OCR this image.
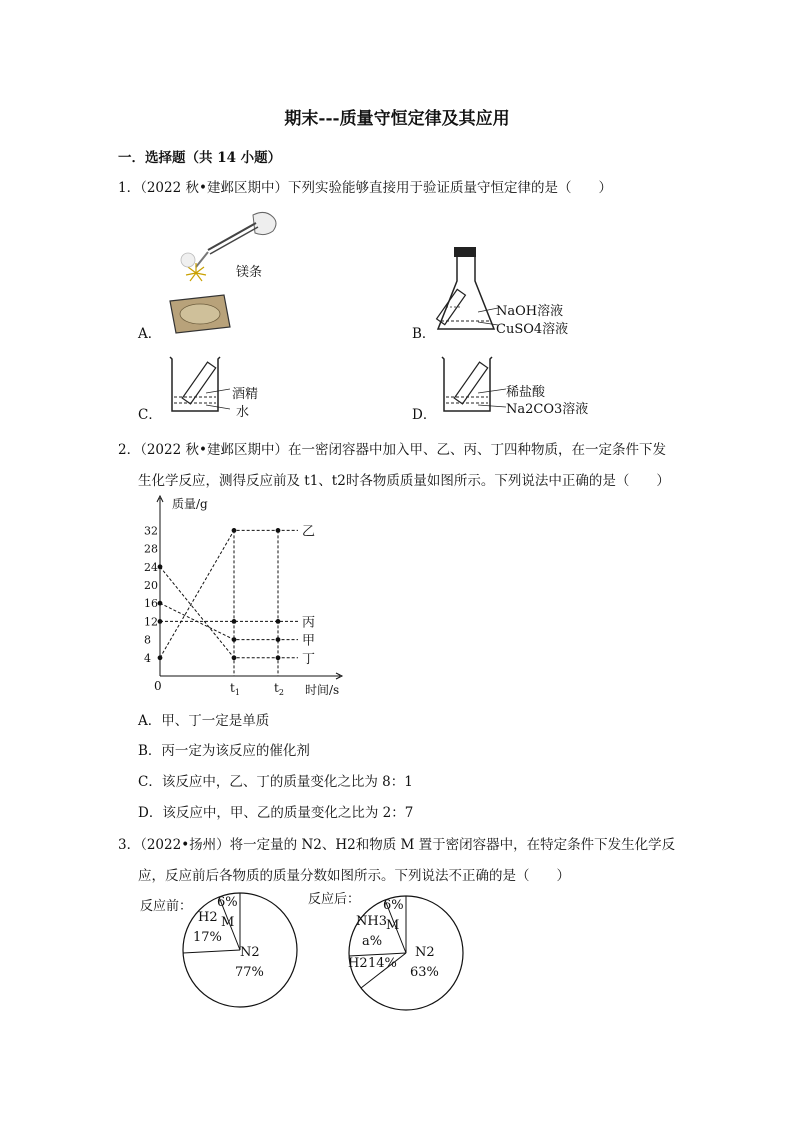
期末---质量守恒定律及其应用
一．选择题（共 14 小题）
1．（2022 秋•建邺区期中）下列实验能够直接用于验证质量守恒定律的是（　　）
A．
镁条
B．
NaOH溶液
CuSO4溶液
C．
酒精
水	D．
稀盐酸
Na2CO3溶液
2．（2022 秋•建邺区期中）在一密闭容器中加入甲、乙、丙、丁四种物质，在一定条件下发
生化学反应，测得反应前及 t1、t2时各物质质量如图所示。下列说法中正确的是（　　）
质量/g
时间/s
0
4
8
12
16
20
24
28
32
$t_1$	$t_2$
乙
丙
甲
丁
A．甲、丁一定是单质
B．丙一定为该反应的催化剂
C．该反应中，乙、丁的质量变化之比为 8：1
D．该反应中，甲、乙的质量变化之比为 2：7
3．（2022•扬州）将一定量的 N2、H2和物质 M 置于密闭容器中，在特定条件下发生化学反
应，反应前后各物质的质量分数如图所示。下列说法不正确的是（　　）
反应前： 6%
M
H2
17%
N2
77%
反应后： 6%
M
NH3
a%
H2 14%
N2
63%
